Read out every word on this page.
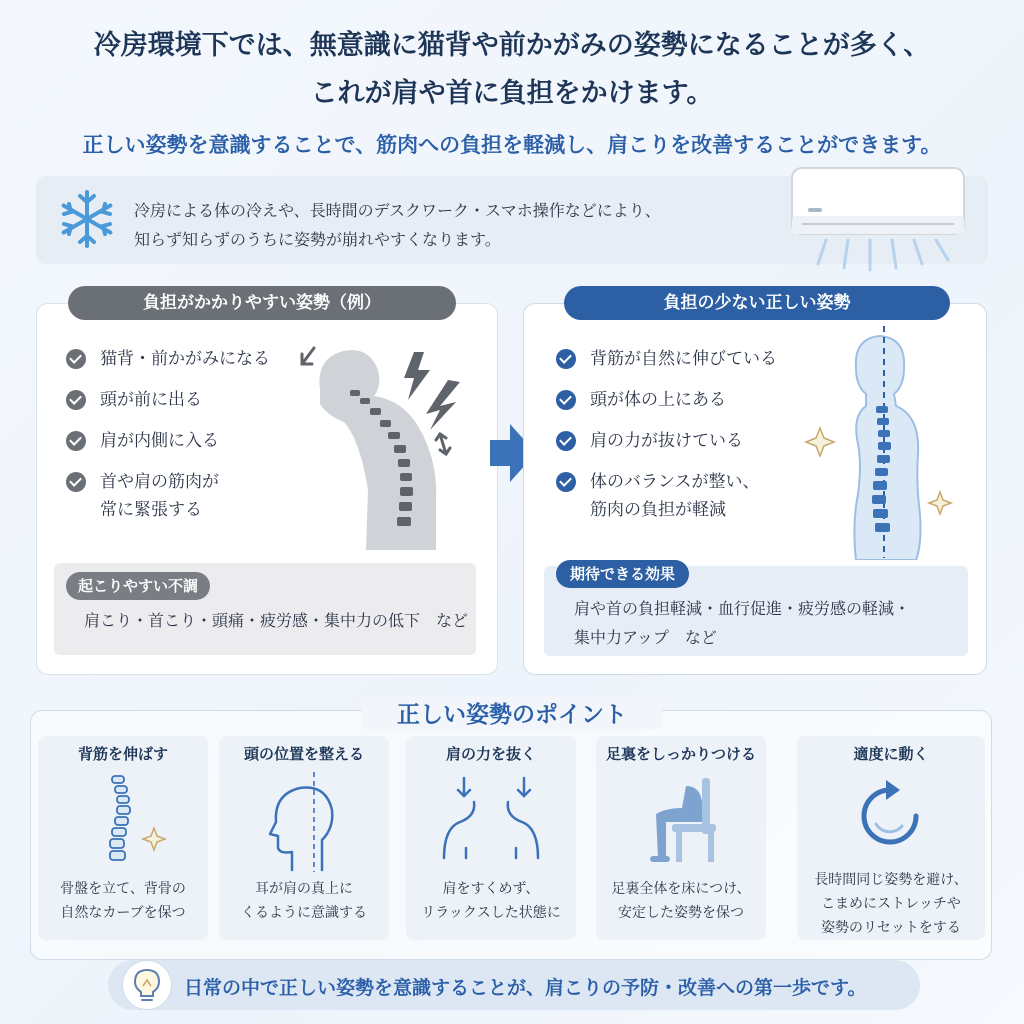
冷房環境下では、無意識に猫背や前かがみの姿勢になることが多く、
これが肩や首に負担をかけます。
正しい姿勢を意識することで、筋肉への負担を軽減し、肩こりを改善することができます。
冷房による体の冷えや、長時間のデスクワーク・スマホ操作などにより、
知らず知らずのうちに姿勢が崩れやすくなります。
負担がかかりやすい姿勢（例）
猫背・前かがみになる
頭が前に出る
肩が内側に入る
首や肩の筋肉が
常に緊張する
起こりやすい不調
肩こり・首こり・頭痛・疲労感・集中力の低下　など
負担の少ない正しい姿勢
背筋が自然に伸びている
頭が体の上にある
肩の力が抜けている
体のバランスが整い、
筋肉の負担が軽減
期待できる効果
肩や首の負担軽減・血行促進・疲労感の軽減・
集中力アップ　など
正しい姿勢のポイント
背筋を伸ばす
骨盤を立て、背骨の
自然なカーブを保つ
頭の位置を整える
耳が肩の真上に
くるように意識する
肩の力を抜く
肩をすくめず、
リラックスした状態に
足裏をしっかりつける
足裏全体を床につけ、
安定した姿勢を保つ
適度に動く
長時間同じ姿勢を避け、
こまめにストレッチや
姿勢のリセットをする
日常の中で正しい姿勢を意識することが、肩こりの予防・改善への第一歩です。
